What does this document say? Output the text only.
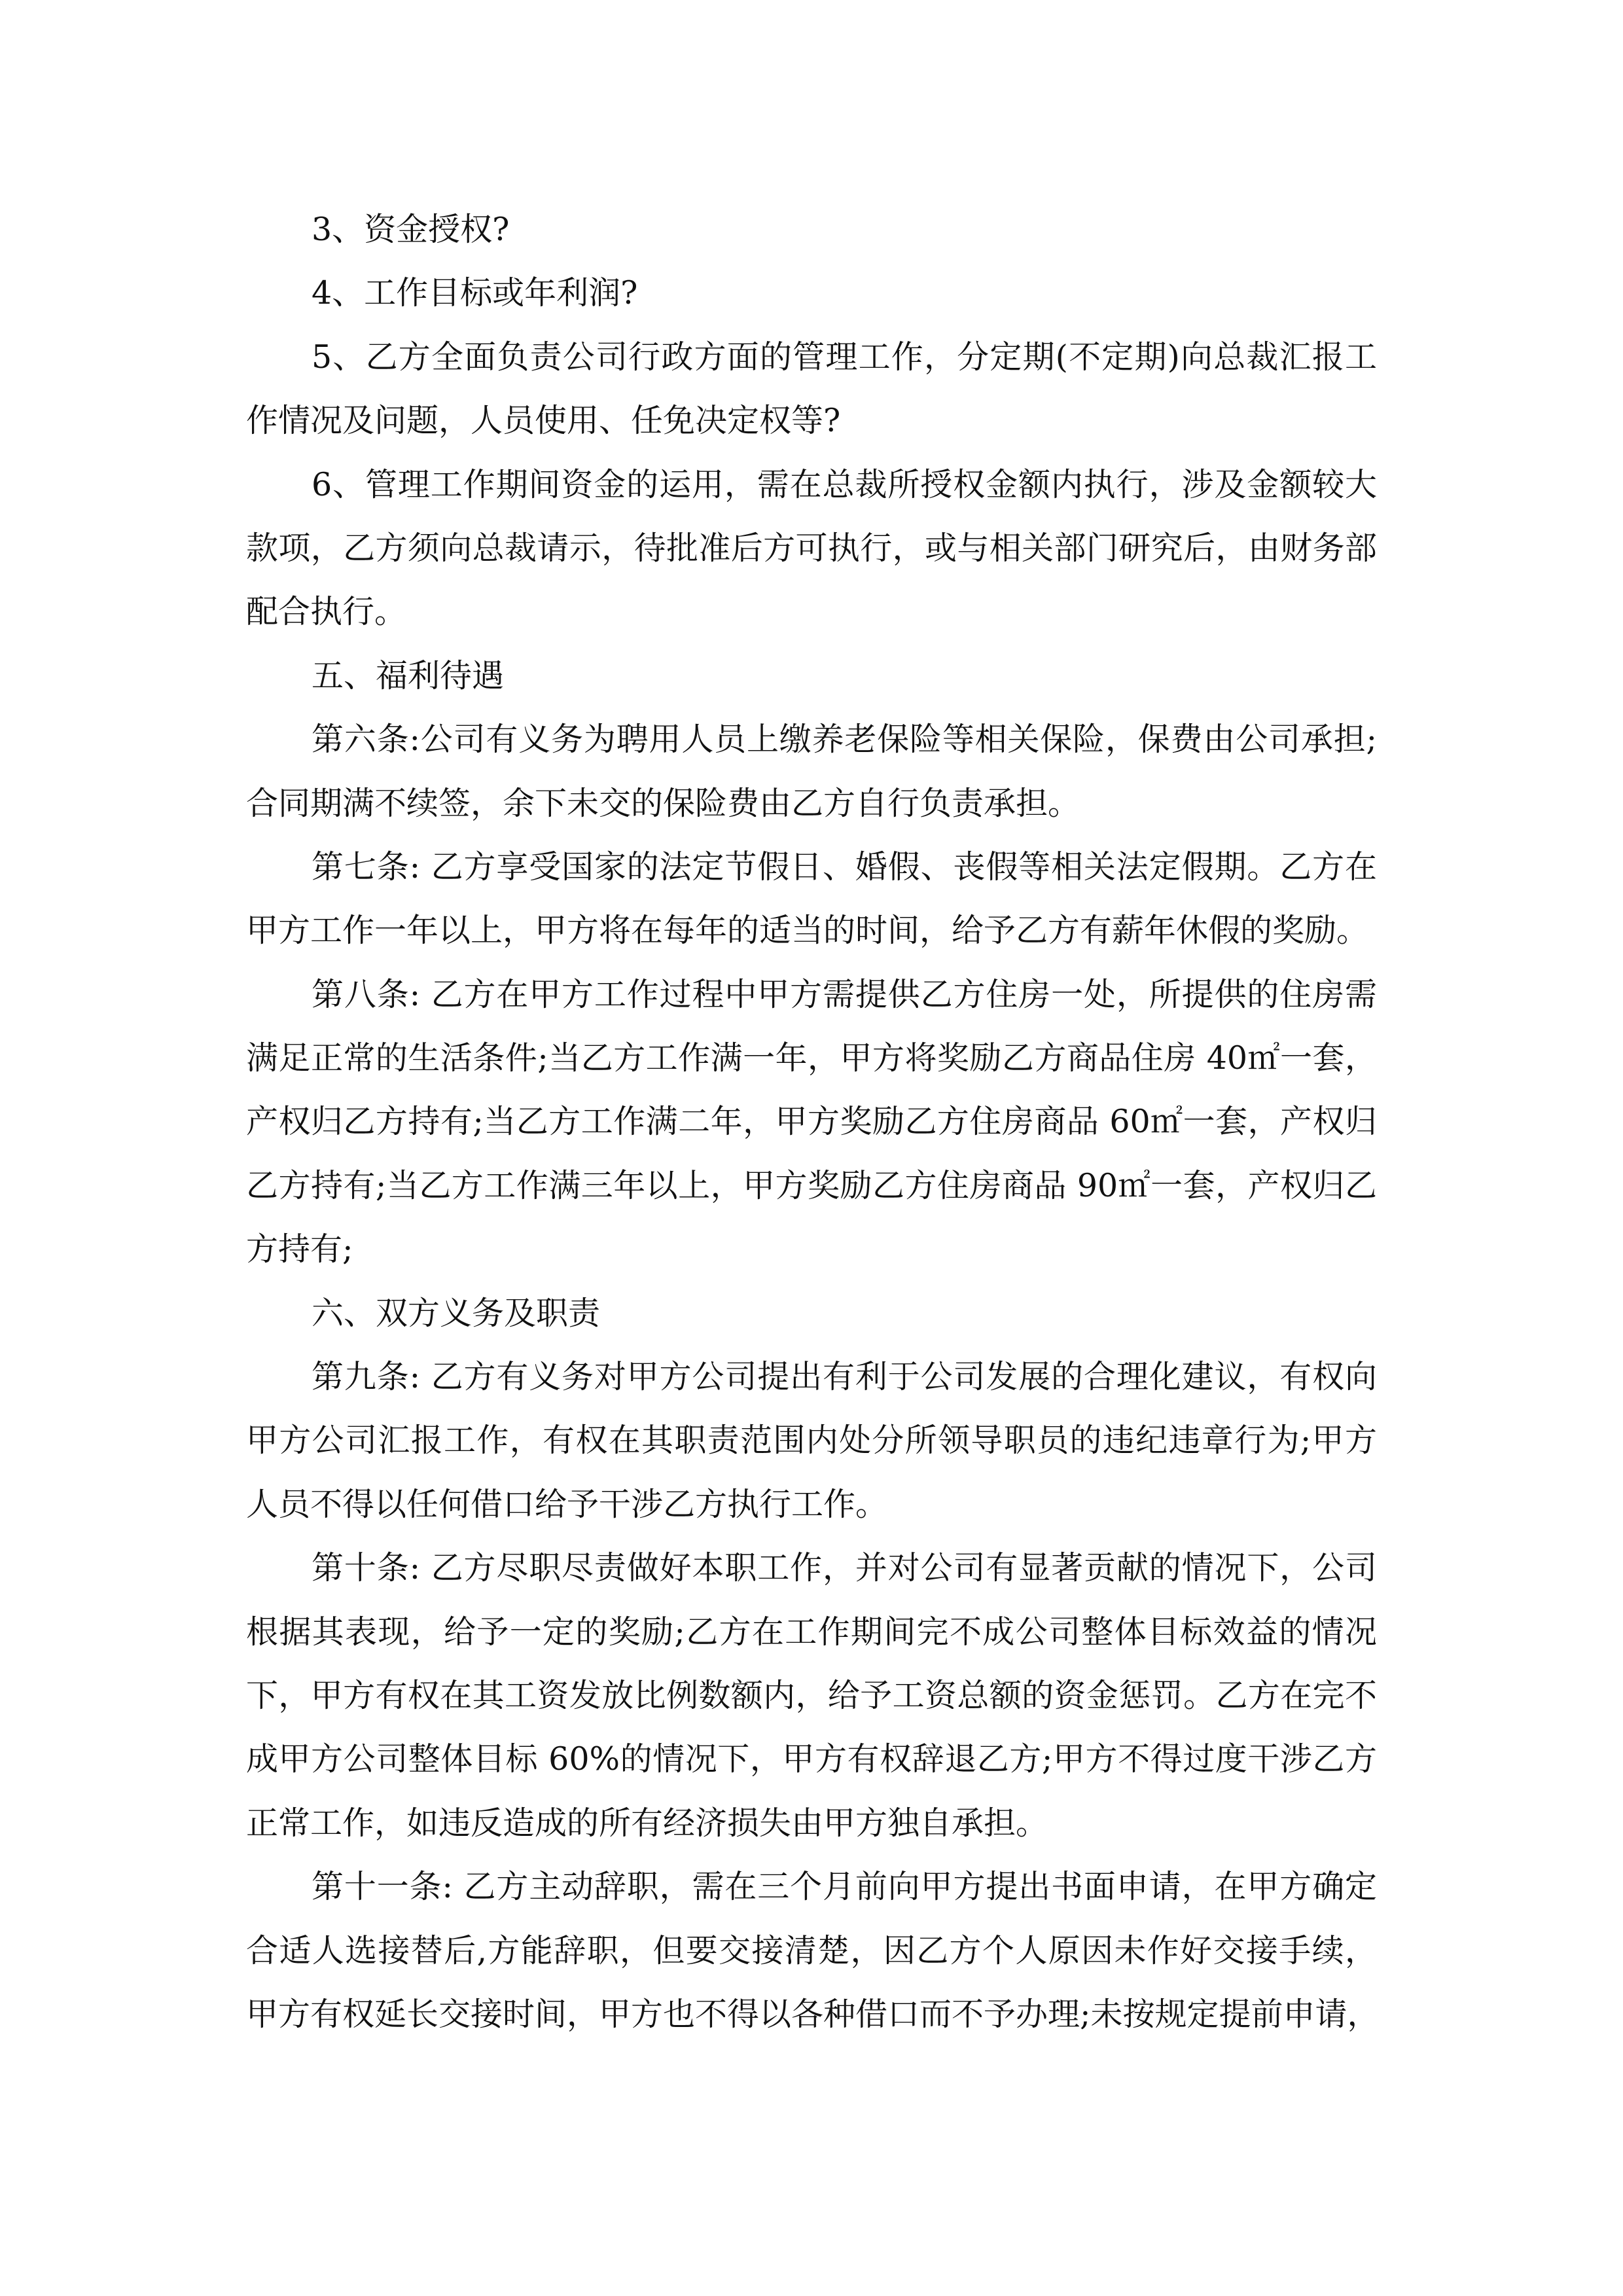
3、资金授权?
4、工作目标或年利润?
5、乙方全面负责公司行政方面的管理工作，分定期(不定期)向总裁汇报工
作情况及问题，人员使用、任免决定权等?
6、管理工作期间资金的运用，需在总裁所授权金额内执行，涉及金额较大
款项，乙方须向总裁请示，待批准后方可执行，或与相关部门研究后，由财务部
配合执行。
五、福利待遇
第六条:公司有义务为聘用人员上缴养老保险等相关保险，保费由公司承担;
合同期满不续签，余下未交的保险费由乙方自行负责承担。
第七条: 乙方享受国家的法定节假日、婚假、丧假等相关法定假期。乙方在
甲方工作一年以上，甲方将在每年的适当的时间，给予乙方有薪年休假的奖励。
第八条: 乙方在甲方工作过程中甲方需提供乙方住房一处，所提供的住房需
满足正常的生活条件;当乙方工作满一年，甲方将奖励乙方商品住房 40㎡一套，
产权归乙方持有;当乙方工作满二年，甲方奖励乙方住房商品 60㎡一套，产权归
乙方持有;当乙方工作满三年以上，甲方奖励乙方住房商品 90㎡一套，产权归乙
方持有;
六、双方义务及职责
第九条: 乙方有义务对甲方公司提出有利于公司发展的合理化建议，有权向
甲方公司汇报工作，有权在其职责范围内处分所领导职员的违纪违章行为;甲方
人员不得以任何借口给予干涉乙方执行工作。
第十条: 乙方尽职尽责做好本职工作，并对公司有显著贡献的情况下，公司
根据其表现，给予一定的奖励;乙方在工作期间完不成公司整体目标效益的情况
下，甲方有权在其工资发放比例数额内，给予工资总额的资金惩罚。乙方在完不
成甲方公司整体目标 60%的情况下，甲方有权辞退乙方;甲方不得过度干涉乙方
正常工作，如违反造成的所有经济损失由甲方独自承担。
第十一条: 乙方主动辞职，需在三个月前向甲方提出书面申请，在甲方确定
合适人选接替后,方能辞职，但要交接清楚，因乙方个人原因未作好交接手续，
甲方有权延长交接时间，甲方也不得以各种借口而不予办理;未按规定提前申请，
